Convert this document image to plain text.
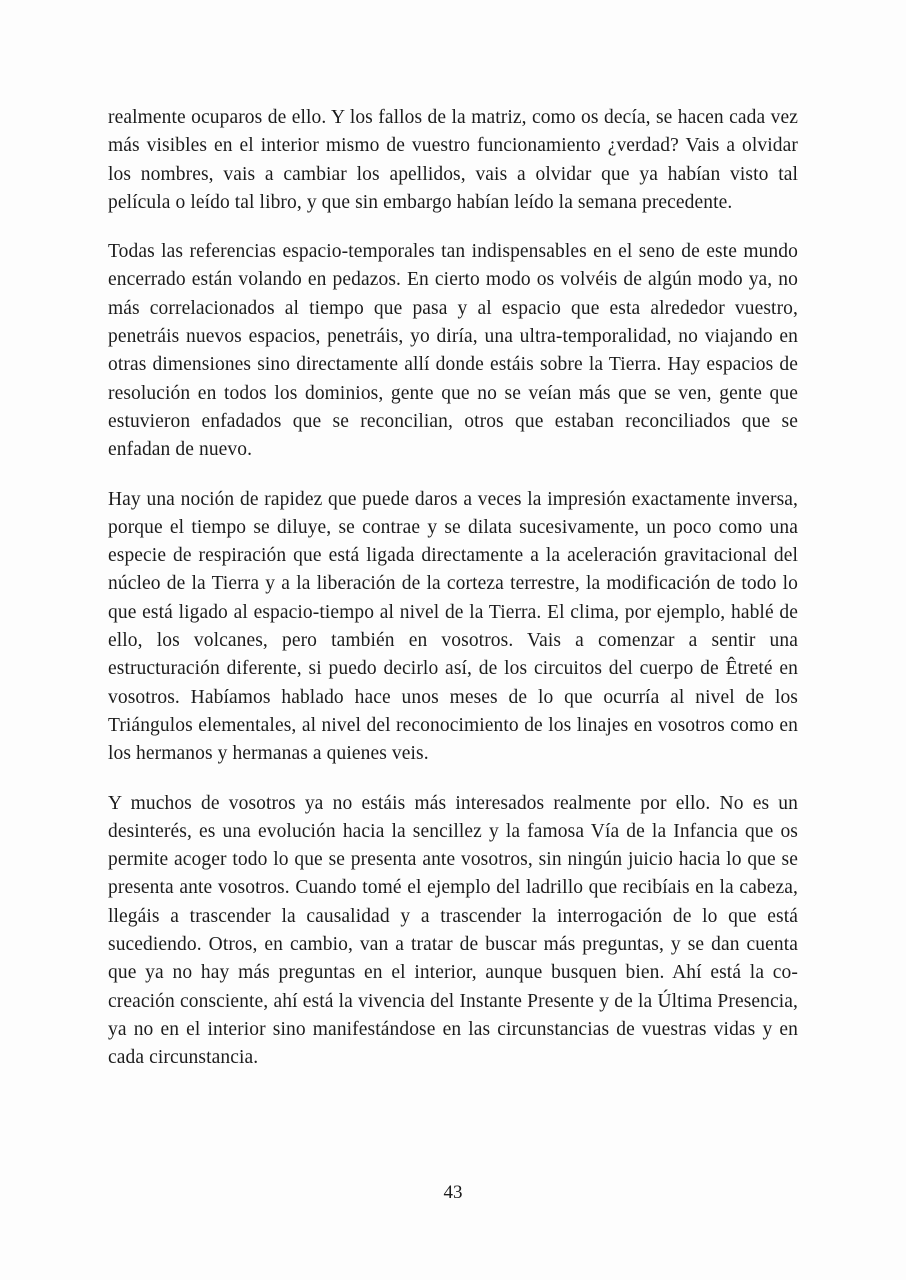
realmente ocuparos de ello. Y los fallos de la matriz, como os decía, se hacen cada vez más visibles en el interior mismo de vuestro funcionamiento ¿verdad? Vais a olvidar los nombres, vais a cambiar los apellidos, vais a olvidar que ya habían visto tal película o leído tal libro, y que sin embargo habían leído la semana precedente.

Todas las referencias espacio-temporales tan indispensables en el seno de este mundo encerrado están volando en pedazos. En cierto modo os volvéis de algún modo ya, no más correlacionados al tiempo que pasa y al espacio que esta alrededor vuestro, penetráis nuevos espacios, penetráis, yo diría, una ultra-temporalidad, no viajando en otras dimensiones sino directamente allí donde estáis sobre la Tierra. Hay espacios de resolución en todos los dominios, gente que no se veían más que se ven, gente que estuvieron enfadados que se reconcilian, otros que estaban reconciliados que se enfadan de nuevo.

Hay una noción de rapidez que puede daros a veces la impresión exactamente inversa, porque el tiempo se diluye, se contrae y se dilata sucesivamente, un poco como una especie de respiración que está ligada directamente a la aceleración gravitacional del núcleo de la Tierra y a la liberación de la corteza terrestre, la modificación de todo lo que está ligado al espacio-tiempo al nivel de la Tierra. El clima, por ejemplo, hablé de ello, los volcanes, pero también en vosotros. Vais a comenzar a sentir una estructuración diferente, si puedo decirlo así, de los circuitos del cuerpo de Êtreté en vosotros. Habíamos hablado hace unos meses de lo que ocurría al nivel de los Triángulos elementales, al nivel del reconocimiento de los linajes en vosotros como en los hermanos y hermanas a quienes veis.

Y muchos de vosotros ya no estáis más interesados realmente por ello. No es un desinterés, es una evolución hacia la sencillez y la famosa Vía de la Infancia que os permite acoger todo lo que se presenta ante vosotros, sin ningún juicio hacia lo que se presenta ante vosotros. Cuando tomé el ejemplo del ladrillo que recibíais en la cabeza, llegáis a trascender la causalidad y a trascender la interrogación de lo que está sucediendo. Otros, en cambio, van a tratar de buscar más preguntas, y se dan cuenta que ya no hay más preguntas en el interior, aunque busquen bien. Ahí está la co-creación consciente, ahí está la vivencia del Instante Presente y de la Última Presencia, ya no en el interior sino manifestándose en las circunstancias de vuestras vidas y en cada circunstancia.

43
